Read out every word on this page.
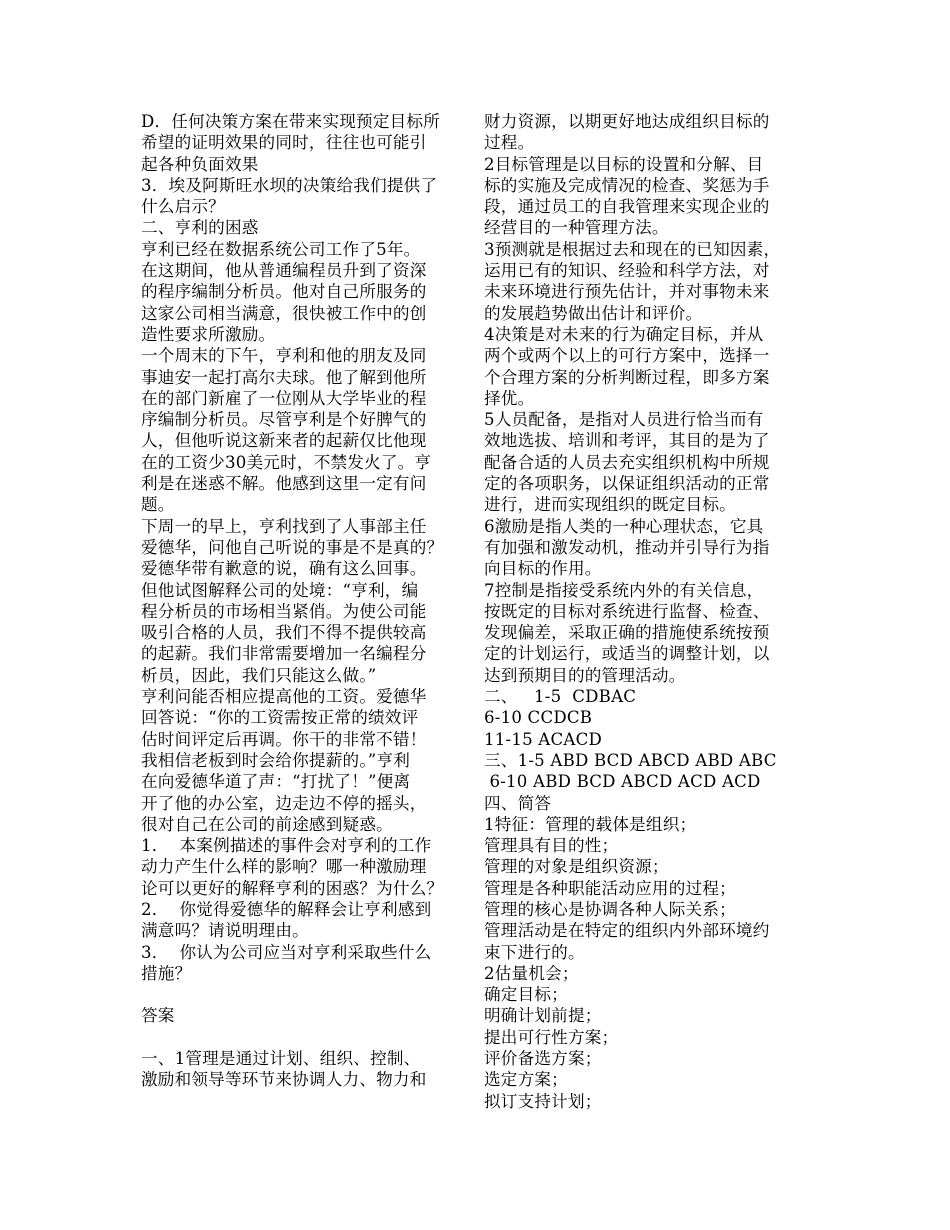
D．任何决策方案在带来实现预定目标所
希望的证明效果的同时，往往也可能引
起各种负面效果
3．埃及阿斯旺水坝的决策给我们提供了
什么启示？
二、亨利的困惑
亨利已经在数据系统公司工作了5年。
在这期间，他从普通编程员升到了资深
的程序编制分析员。他对自己所服务的
这家公司相当满意，很快被工作中的创
造性要求所激励。
一个周末的下午，亨利和他的朋友及同
事迪安一起打高尔夫球。他了解到他所
在的部门新雇了一位刚从大学毕业的程
序编制分析员。尽管亨利是个好脾气的
人，但他听说这新来者的起薪仅比他现
在的工资少30美元时，不禁发火了。亨
利是在迷惑不解。他感到这里一定有问
题。
下周一的早上，亨利找到了人事部主任
爱德华，问他自己听说的事是不是真的？
爱德华带有歉意的说，确有这么回事。
但他试图解释公司的处境：“亨利，编
程分析员的市场相当紧俏。为使公司能
吸引合格的人员，我们不得不提供较高
的起薪。我们非常需要增加一名编程分
析员，因此，我们只能这么做。”
亨利问能否相应提高他的工资。爱德华
回答说：“你的工资需按正常的绩效评
估时间评定后再调。你干的非常不错！
我相信老板到时会给你提薪的。”亨利
在向爱德华道了声：“打扰了！”便离
开了他的办公室，边走边不停的摇头，
很对自己在公司的前途感到疑惑。
1．  本案例描述的事件会对亨利的工作
动力产生什么样的影响？哪一种激励理
论可以更好的解释亨利的困惑？为什么？
2．  你觉得爱德华的解释会让亨利感到
满意吗？请说明理由。
3．  你认为公司应当对亨利采取些什么
措施？
答案
一、1管理是通过计划、组织、控制、
激励和领导等环节来协调人力、物力和
财力资源，以期更好地达成组织目标的
过程。
2目标管理是以目标的设置和分解、目
标的实施及完成情况的检查、奖惩为手
段，通过员工的自我管理来实现企业的
经营目的一种管理方法。
3预测就是根据过去和现在的已知因素，
运用已有的知识、经验和科学方法，对
未来环境进行预先估计，并对事物未来
的发展趋势做出估计和评价。
4决策是对未来的行为确定目标，并从
两个或两个以上的可行方案中，选择一
个合理方案的分析判断过程，即多方案
择优。
5人员配备，是指对人员进行恰当而有
效地选拔、培训和考评，其目的是为了
配备合适的人员去充实组织机构中所规
定的各项职务，以保证组织活动的正常
进行，进而实现组织的既定目标。
6激励是指人类的一种心理状态，它具
有加强和激发动机，推动并引导行为指
向目标的作用。
7控制是指接受系统内外的有关信息，
按既定的目标对系统进行监督、检查、
发现偏差，采取正确的措施使系统按预
定的计划运行，或适当的调整计划，以
达到预期目的的管理活动。
二、   1-5  CDBAC
6-10 CCDCB
11-15 ACACD
三、1-5 ABD BCD ABCD ABD ABC
6-10 ABD BCD ABCD ACD ACD
四、简答
1特征：管理的载体是组织；
管理具有目的性；
管理的对象是组织资源；
管理是各种职能活动应用的过程；
管理的核心是协调各种人际关系；
管理活动是在特定的组织内外部环境约
束下进行的。
2估量机会；
确定目标；
明确计划前提；
提出可行性方案；
评价备选方案；
选定方案；
拟订支持计划；
